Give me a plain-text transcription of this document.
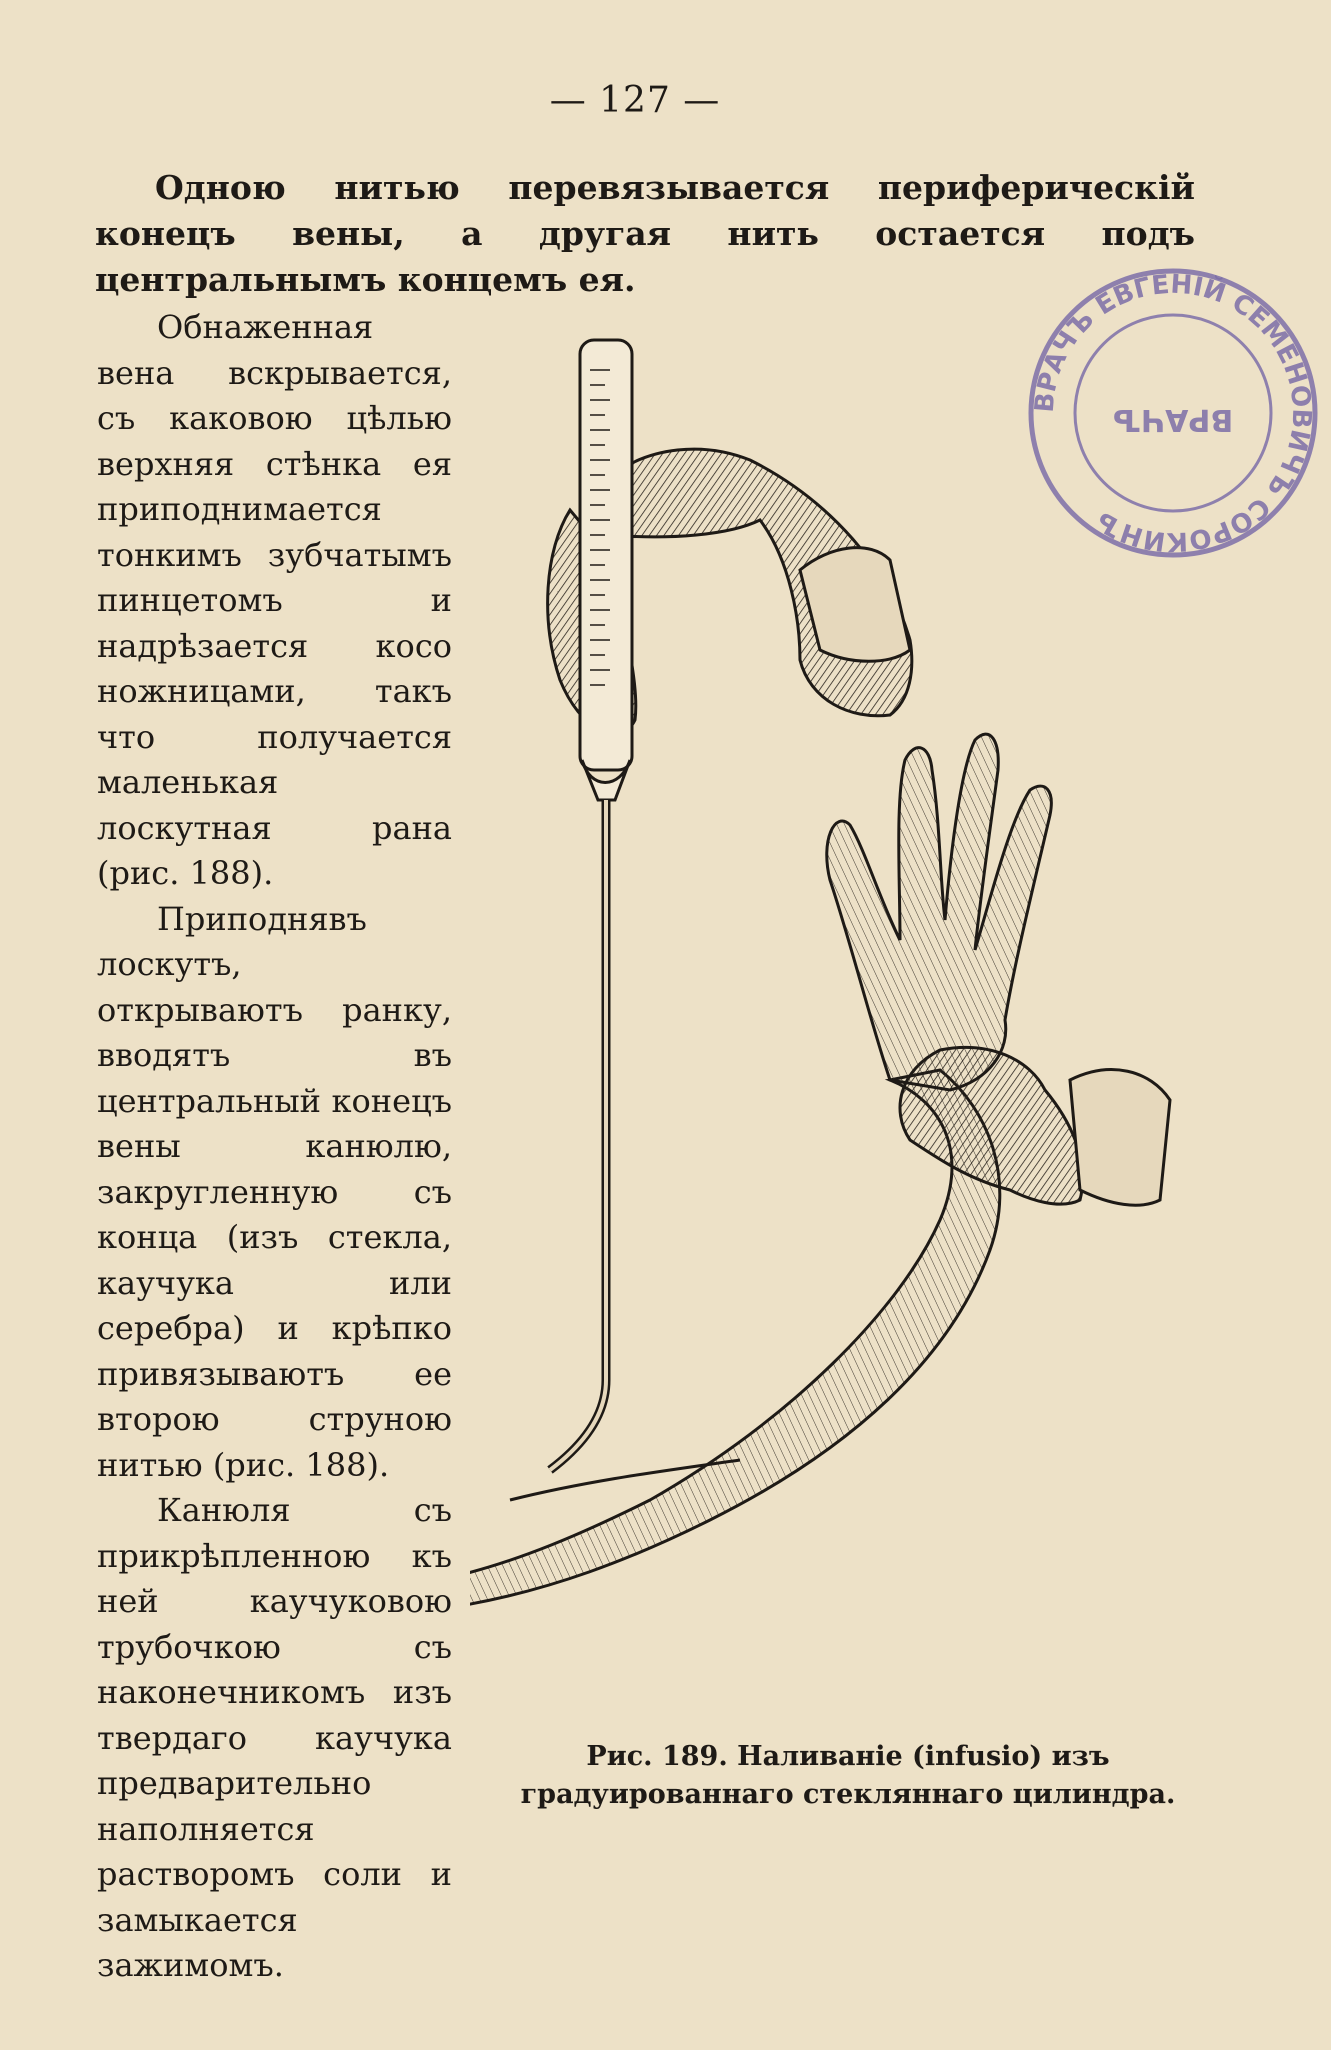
— 127 —
Одною нитью перевязывается периферическiй конецъ вены, а другая нить остается подъ центральнымъ концемъ ея.

Обнаженная вена вскрывается, съ каковою цѣлью верхняя стѣнка ея приподнимается тонкимъ зубчатымъ пинцетомъ и надрѣзается косо ножницами, такъ что получается маленькая лоскутная рана (рис. 188).

Приподнявъ лоскутъ, открываютъ ранку, вводятъ въ центральный конецъ вены канюлю, закругленную съ конца (изъ стекла, каучука или серебра) и крѣпко привязываютъ ее второю струною нитью (рис. 188).

Канюля съ прикрѣпленною къ ней каучуковою трубочкою съ наконечникомъ изъ твердаго каучука предварительно наполняется растворомъ соли и замыкается зажимомъ.

Рис. 189. Наливанiе (infusio) изъ градуированнаго стекляннаго цилиндра.
ВРАЧЪ ЕВГЕНIЙ СЕМЕНОВИЧЪ СОРОКИНЪ
ВРАЧЪ
